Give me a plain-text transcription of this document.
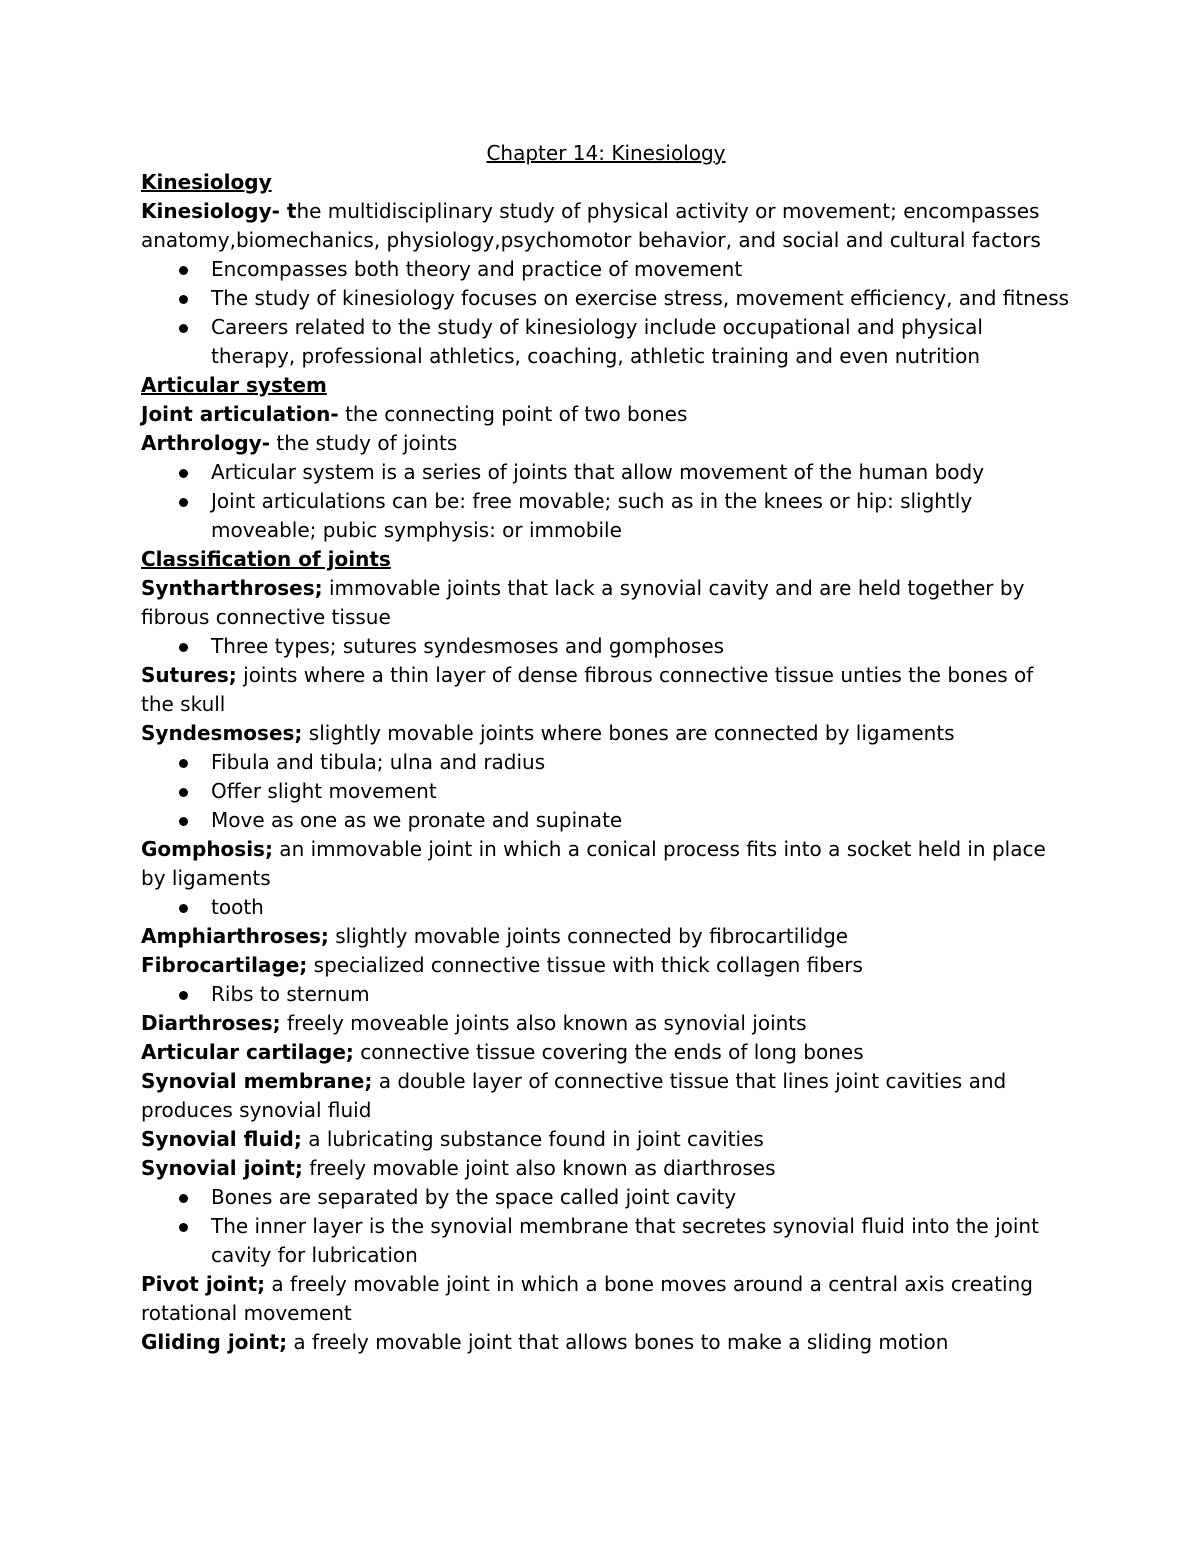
Chapter 14: Kinesiology

Kinesiology

Kinesiology- the multidisciplinary study of physical activity or movement; encompasses anatomy,biomechanics, physiology,psychomotor behavior, and social and cultural factors

Encompasses both theory and practice of movement
The study of kinesiology focuses on exercise stress, movement efficiency, and fitness
Careers related to the study of kinesiology include occupational and physical therapy, professional athletics, coaching, athletic training and even nutrition

Articular system

Joint articulation- the connecting point of two bones

Arthrology- the study of joints

Articular system is a series of joints that allow movement of the human body
Joint articulations can be: free movable; such as in the knees or hip: slightly moveable; pubic symphysis: or immobile

Classification of joints

Syntharthroses; immovable joints that lack a synovial cavity and are held together by fibrous connective tissue

Three types; sutures syndesmoses and gomphoses

Sutures; joints where a thin layer of dense fibrous connective tissue unties the bones of the skull

Syndesmoses; slightly movable joints where bones are connected by ligaments

Fibula and tibula; ulna and radius
Offer slight movement
Move as one as we pronate and supinate

Gomphosis; an immovable joint in which a conical process fits into a socket held in place by ligaments

tooth

Amphiarthroses; slightly movable joints connected by fibrocartilidge

Fibrocartilage; specialized connective tissue with thick collagen fibers

Ribs to sternum

Diarthroses; freely moveable joints also known as synovial joints

Articular cartilage; connective tissue covering the ends of long bones

Synovial membrane; a double layer of connective tissue that lines joint cavities and produces synovial fluid

Synovial fluid; a lubricating substance found in joint cavities

Synovial joint; freely movable joint also known as diarthroses

Bones are separated by the space called joint cavity
The inner layer is the synovial membrane that secretes synovial fluid into the joint cavity for lubrication

Pivot joint; a freely movable joint in which a bone moves around a central axis creating rotational movement

Gliding joint; a freely movable joint that allows bones to make a sliding motion
